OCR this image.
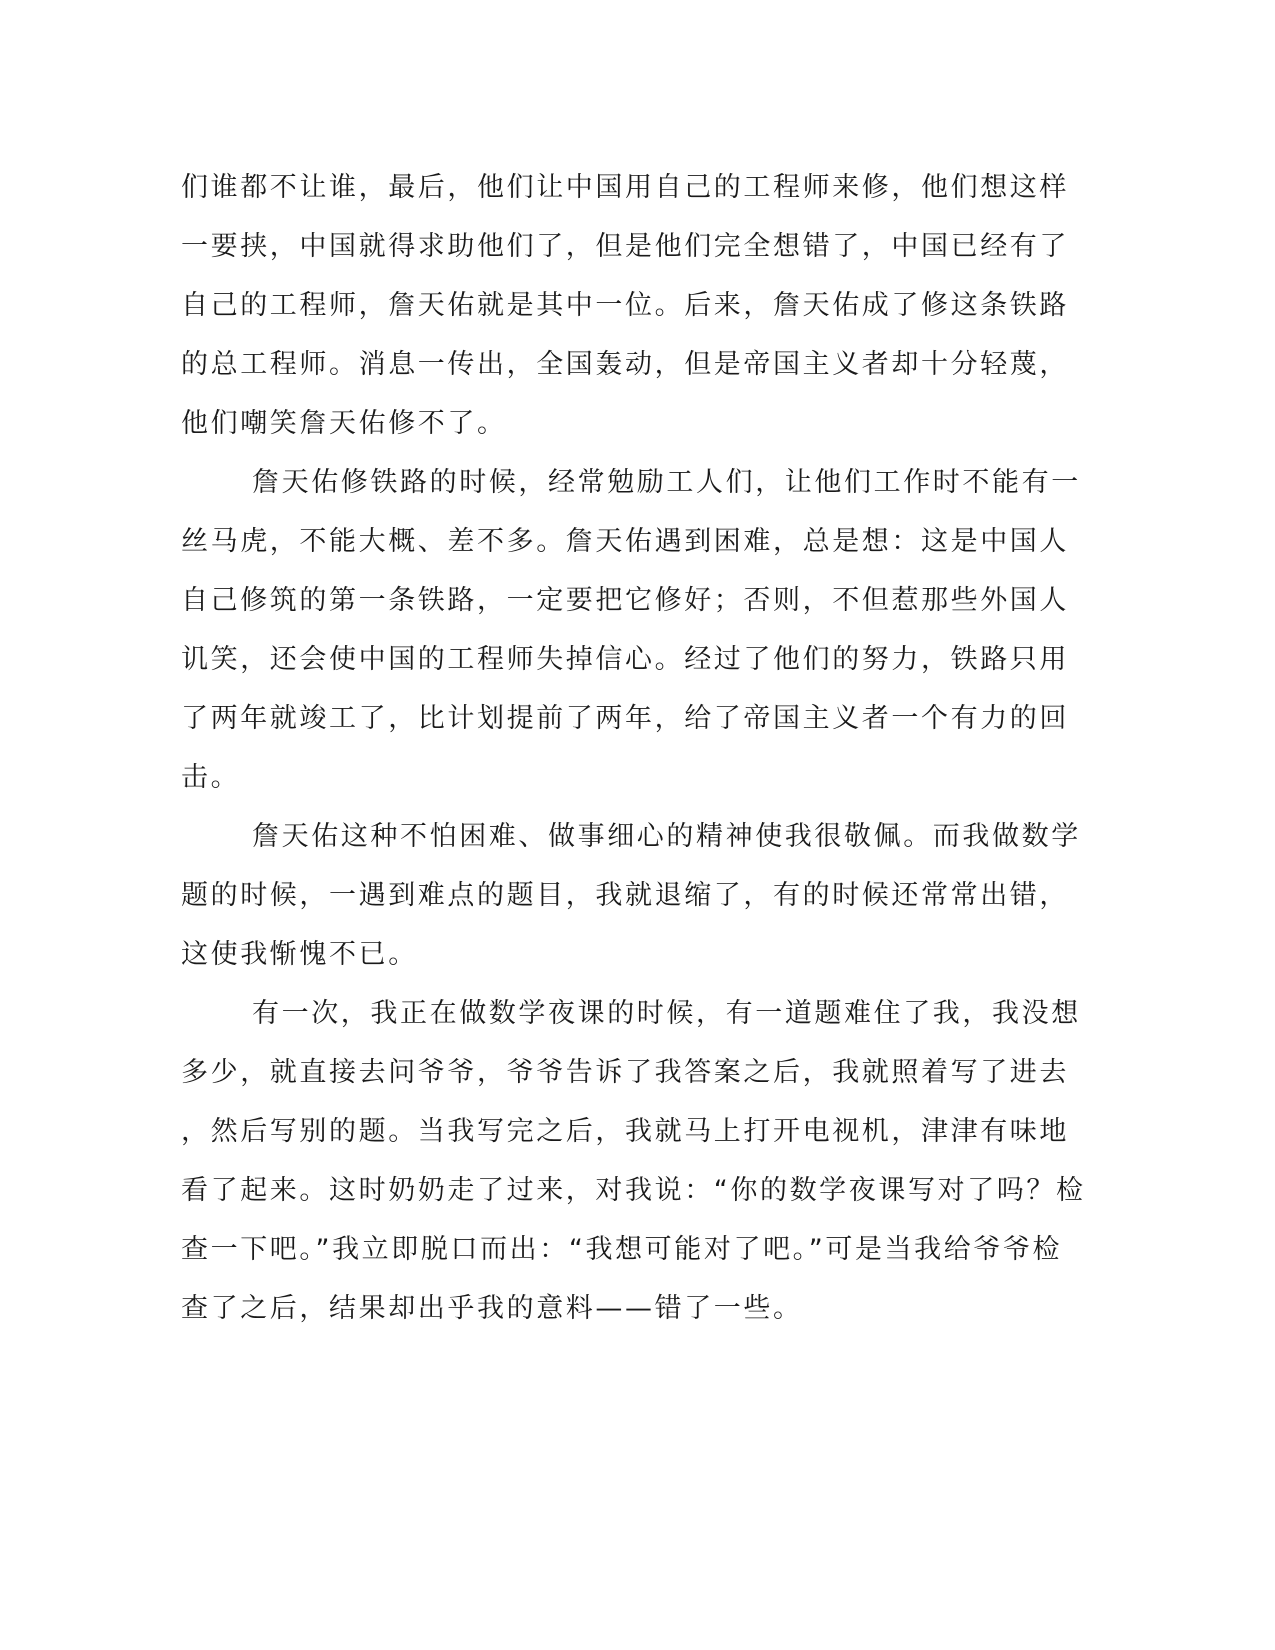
们谁都不让谁，最后，他们让中国用自己的工程师来修，他们想这样
一要挟，中国就得求助他们了，但是他们完全想错了，中国已经有了
自己的工程师，詹天佑就是其中一位。后来，詹天佑成了修这条铁路
的总工程师。消息一传出，全国轰动，但是帝国主义者却十分轻蔑，
他们嘲笑詹天佑修不了。
詹天佑修铁路的时候，经常勉励工人们，让他们工作时不能有一
丝马虎，不能大概、差不多。詹天佑遇到困难，总是想：这是中国人
自己修筑的第一条铁路，一定要把它修好；否则，不但惹那些外国人
讥笑，还会使中国的工程师失掉信心。经过了他们的努力，铁路只用
了两年就竣工了，比计划提前了两年，给了帝国主义者一个有力的回
击。
詹天佑这种不怕困难、做事细心的精神使我很敬佩。而我做数学
题的时候，一遇到难点的题目，我就退缩了，有的时候还常常出错，
这使我惭愧不已。
有一次，我正在做数学夜课的时候，有一道题难住了我，我没想
多少，就直接去问爷爷，爷爷告诉了我答案之后，我就照着写了进去
，然后写别的题。当我写完之后，我就马上打开电视机，津津有味地
看了起来。这时奶奶走了过来，对我说：“你的数学夜课写对了吗？检
查一下吧。”我立即脱口而出：“我想可能对了吧。”可是当我给爷爷检
查了之后，结果却出乎我的意料——错了一些。
